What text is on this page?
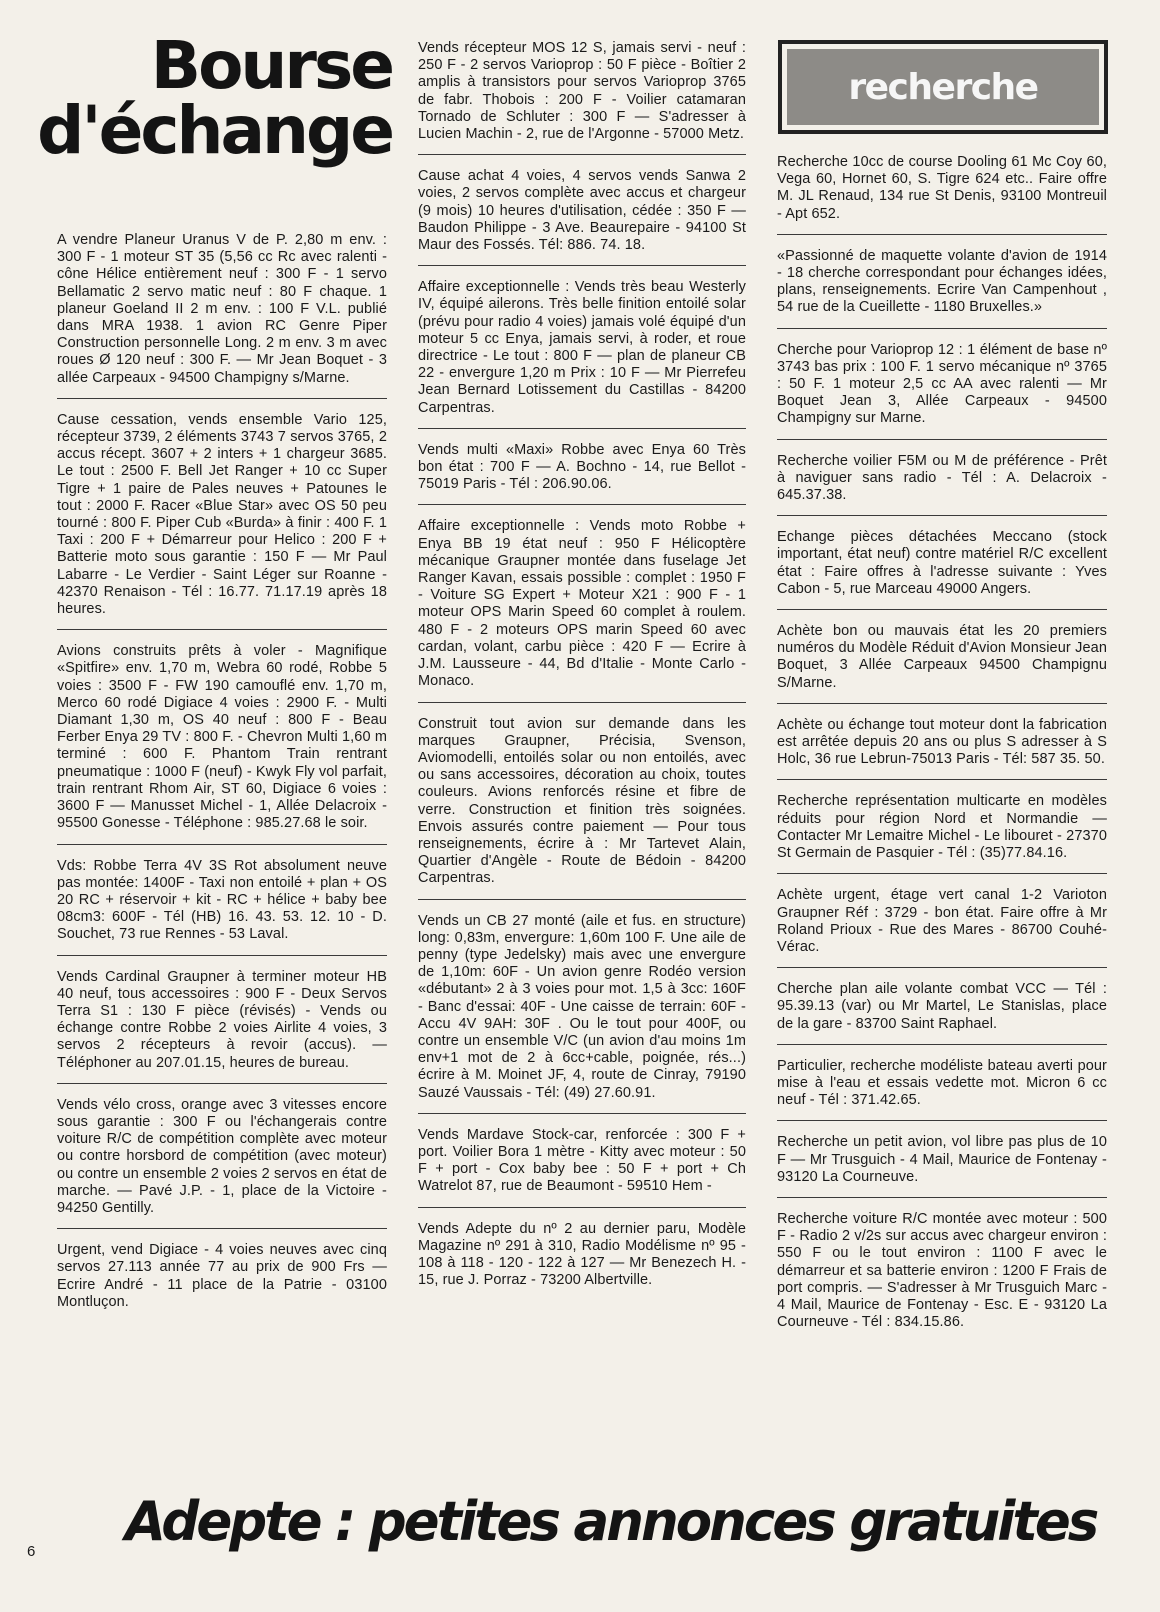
Bourse
d'échange
recherche
A vendre Planeur Uranus V de P. 2,80 m env. : 300 F - 1 moteur ST 35 (5,56 cc Rc avec ralenti - cône Hélice entièrement neuf : 300 F - 1 servo Bellamatic 2 servo matic neuf : 80 F chaque. 1 planeur Goeland II 2 m env. : 100 F V.L. publié dans MRA 1938. 1 avion RC Genre Piper Construction personnelle Long. 2 m env. 3 m avec roues Ø 120 neuf : 300 F. — Mr Jean Boquet - 3 allée Carpeaux - 94500 Champigny s/Marne.
Cause cessation, vends ensemble Vario 125, récepteur 3739, 2 éléments 3743 7 servos 3765, 2 accus récept. 3607 + 2 inters + 1 chargeur 3685. Le tout : 2500 F. Bell Jet Ranger + 10 cc Super Tigre + 1 paire de Pales neuves + Patounes le tout : 2000 F. Racer «Blue Star» avec OS 50 peu tourné : 800 F. Piper Cub «Burda» à finir : 400 F. 1 Taxi : 200 F + Démarreur pour Helico : 200 F + Batterie moto sous garantie : 150 F — Mr Paul Labarre - Le Verdier - Saint Léger sur Roanne - 42370 Renaison - Tél : 16.77. 71.17.19 après 18 heures.
Avions construits prêts à voler - Magnifique «Spitfire» env. 1,70 m, Webra 60 rodé, Robbe 5 voies : 3500 F - FW 190 camouflé env. 1,70 m, Merco 60 rodé Digiace 4 voies : 2900 F. - Multi Diamant 1,30 m, OS 40 neuf : 800 F - Beau Ferber Enya 29 TV : 800 F. - Chevron Multi 1,60 m terminé : 600 F. Phantom Train rentrant pneumatique : 1000 F (neuf) - Kwyk Fly vol parfait, train rentrant Rhom Air, ST 60, Digiace 6 voies : 3600 F — Manusset Michel - 1, Allée Delacroix - 95500 Gonesse - Téléphone : 985.27.68 le soir.
Vds: Robbe Terra 4V 3S Rot absolument neuve pas montée: 1400F - Taxi non entoilé + plan + OS 20 RC + réservoir + kit - RC + hélice + baby bee 08cm3: 600F - Tél (HB) 16. 43. 53. 12. 10 - D. Souchet, 73 rue Rennes - 53 Laval.
Vends Cardinal Graupner à terminer moteur HB 40 neuf, tous accessoires : 900 F - Deux Servos Terra S1 : 130 F pièce (révisés) - Vends ou échange contre Robbe 2 voies Airlite 4 voies, 3 servos 2 récepteurs à revoir (accus). — Téléphoner au 207.01.15, heures de bureau.
Vends vélo cross, orange avec 3 vitesses encore sous garantie : 300 F ou l'échangerais contre voiture R/C de compétition complète avec moteur ou contre horsbord de compétition (avec moteur) ou contre un ensemble 2 voies 2 servos en état de marche. — Pavé J.P. - 1, place de la Victoire - 94250 Gentilly.
Urgent, vend Digiace - 4 voies neuves avec cinq servos 27.113 année 77 au prix de 900 Frs — Ecrire André - 11 place de la Patrie - 03100 Montluçon.
Vends récepteur MOS 12 S, jamais servi - neuf : 250 F - 2 servos Varioprop : 50 F pièce - Boîtier 2 amplis à transistors pour servos Varioprop 3765 de fabr. Thobois : 200 F - Voilier catamaran Tornado de Schluter : 300 F — S'adresser à Lucien Machin - 2, rue de l'Argonne - 57000 Metz.
Cause achat 4 voies, 4 servos vends Sanwa 2 voies, 2 servos complète avec accus et chargeur (9 mois) 10 heures d'utilisation, cédée : 350 F — Baudon Philippe - 3 Ave. Beaurepaire - 94100 St Maur des Fossés. Tél: 886. 74. 18.
Affaire exceptionnelle : Vends très beau Westerly IV, équipé ailerons. Très belle finition entoilé solar (prévu pour radio 4 voies) jamais volé équipé d'un moteur 5 cc Enya, jamais servi, à roder, et roue directrice - Le tout : 800 F — plan de planeur CB 22 - envergure 1,20 m Prix : 10 F — Mr Pierrefeu Jean Bernard Lotissement du Castillas - 84200 Carpentras.
Vends multi «Maxi» Robbe avec Enya 60 Très bon état : 700 F — A. Bochno - 14, rue Bellot - 75019 Paris - Tél : 206.90.06.
Affaire exceptionnelle : Vends moto Robbe + Enya BB 19 état neuf : 950 F Hélicoptère mécanique Graupner montée dans fuselage Jet Ranger Kavan, essais possible : complet : 1950 F - Voiture SG Expert + Moteur X21 : 900 F - 1 moteur OPS Marin Speed 60 complet à roulem. 480 F - 2 moteurs OPS marin Speed 60 avec cardan, volant, carbu pièce : 420 F — Ecrire à J.M. Lausseure - 44, Bd d'Italie - Monte Carlo - Monaco.
Construit tout avion sur demande dans les marques Graupner, Précisia, Svenson, Aviomodelli, entoilés solar ou non entoilés, avec ou sans accessoires, décoration au choix, toutes couleurs. Avions renforcés résine et fibre de verre. Construction et finition très soignées. Envois assurés contre paiement — Pour tous renseignements, écrire à : Mr Tartevet Alain, Quartier d'Angèle - Route de Bédoin - 84200 Carpentras.
Vends un CB 27 monté (aile et fus. en structure) long: 0,83m, envergure: 1,60m 100 F. Une aile de penny (type Jedelsky) mais avec une envergure de 1,10m: 60F - Un avion genre Rodéo version «débutant» 2 à 3 voies pour mot. 1,5 à 3cc: 160F - Banc d'essai: 40F - Une caisse de terrain: 60F - Accu 4V 9AH: 30F . Ou le tout pour 400F, ou contre un ensemble V/C (un avion d'au moins 1m env+1 mot de 2 à 6cc+cable, poignée, rés...) écrire à M. Moinet JF, 4, route de Cinray, 79190 Sauzé Vaussais - Tél: (49) 27.60.91.
Vends Mardave Stock-car, renforcée : 300 F + port. Voilier Bora 1 mètre - Kitty avec moteur : 50 F + port - Cox baby bee : 50 F + port + Ch Watrelot 87, rue de Beaumont - 59510 Hem -
Vends Adepte du nº 2 au dernier paru, Modèle Magazine nº 291 à 310, Radio Modélisme nº 95 - 108 à 118 - 120 - 122 à 127 — Mr Benezech H. - 15, rue J. Porraz - 73200 Albertville.
Recherche 10cc de course Dooling 61 Mc Coy 60, Vega 60, Hornet 60, S. Tigre 624 etc.. Faire offre M. JL Renaud, 134 rue St Denis, 93100 Montreuil - Apt 652.
«Passionné de maquette volante d'avion de 1914 - 18 cherche correspondant pour échanges idées, plans, renseignements. Ecrire Van Campenhout , 54 rue de la Cueillette - 1180 Bruxelles.»
Cherche pour Varioprop 12 : 1 élément de base nº 3743 bas prix : 100 F. 1 servo mécanique nº 3765 : 50 F. 1 moteur 2,5 cc AA avec ralenti — Mr Boquet Jean 3, Allée Carpeaux - 94500 Champigny sur Marne.
Recherche voilier F5M ou M de préférence - Prêt à naviguer sans radio - Tél : A. Delacroix - 645.37.38.
Echange pièces détachées Meccano (stock important, état neuf) contre matériel R/C excellent état : Faire offres à l'adresse suivante : Yves Cabon - 5, rue Marceau 49000 Angers.
Achète bon ou mauvais état les 20 premiers numéros du Modèle Réduit d'Avion Monsieur Jean Boquet, 3 Allée Carpeaux 94500 Champignu S/Marne.
Achète ou échange tout moteur dont la fabrication est arrêtée depuis 20 ans ou plus S adresser à S Holc, 36 rue Lebrun-75013 Paris - Tél: 587 35. 50.
Recherche représentation multicarte en modèles réduits pour région Nord et Normandie — Contacter Mr Lemaitre Michel - Le libouret - 27370 St Germain de Pasquier - Tél : (35)77.84.16.
Achète urgent, étage vert canal 1-2 Varioton Graupner Réf : 3729 - bon état. Faire offre à Mr Roland Prioux - Rue des Mares - 86700 Couhé-Vérac.
Cherche plan aile volante combat VCC — Tél : 95.39.13 (var) ou Mr Martel, Le Stanislas, place de la gare - 83700 Saint Raphael.
Particulier, recherche modéliste bateau averti pour mise à l'eau et essais vedette mot. Micron 6 cc neuf - Tél : 371.42.65.
Recherche un petit avion, vol libre pas plus de 10 F — Mr Trusguich - 4 Mail, Maurice de Fontenay - 93120 La Courneuve.
Recherche voiture R/C montée avec moteur : 500 F - Radio 2 v/2s sur accus avec chargeur environ : 550 F ou le tout environ : 1100 F avec le démarreur et sa batterie environ : 1200 F Frais de port compris. — S'adresser à Mr Trusguich Marc - 4 Mail, Maurice de Fontenay - Esc. E - 93120 La Courneuve - Tél : 834.15.86.
Adepte : petites annonces gratuites
6
